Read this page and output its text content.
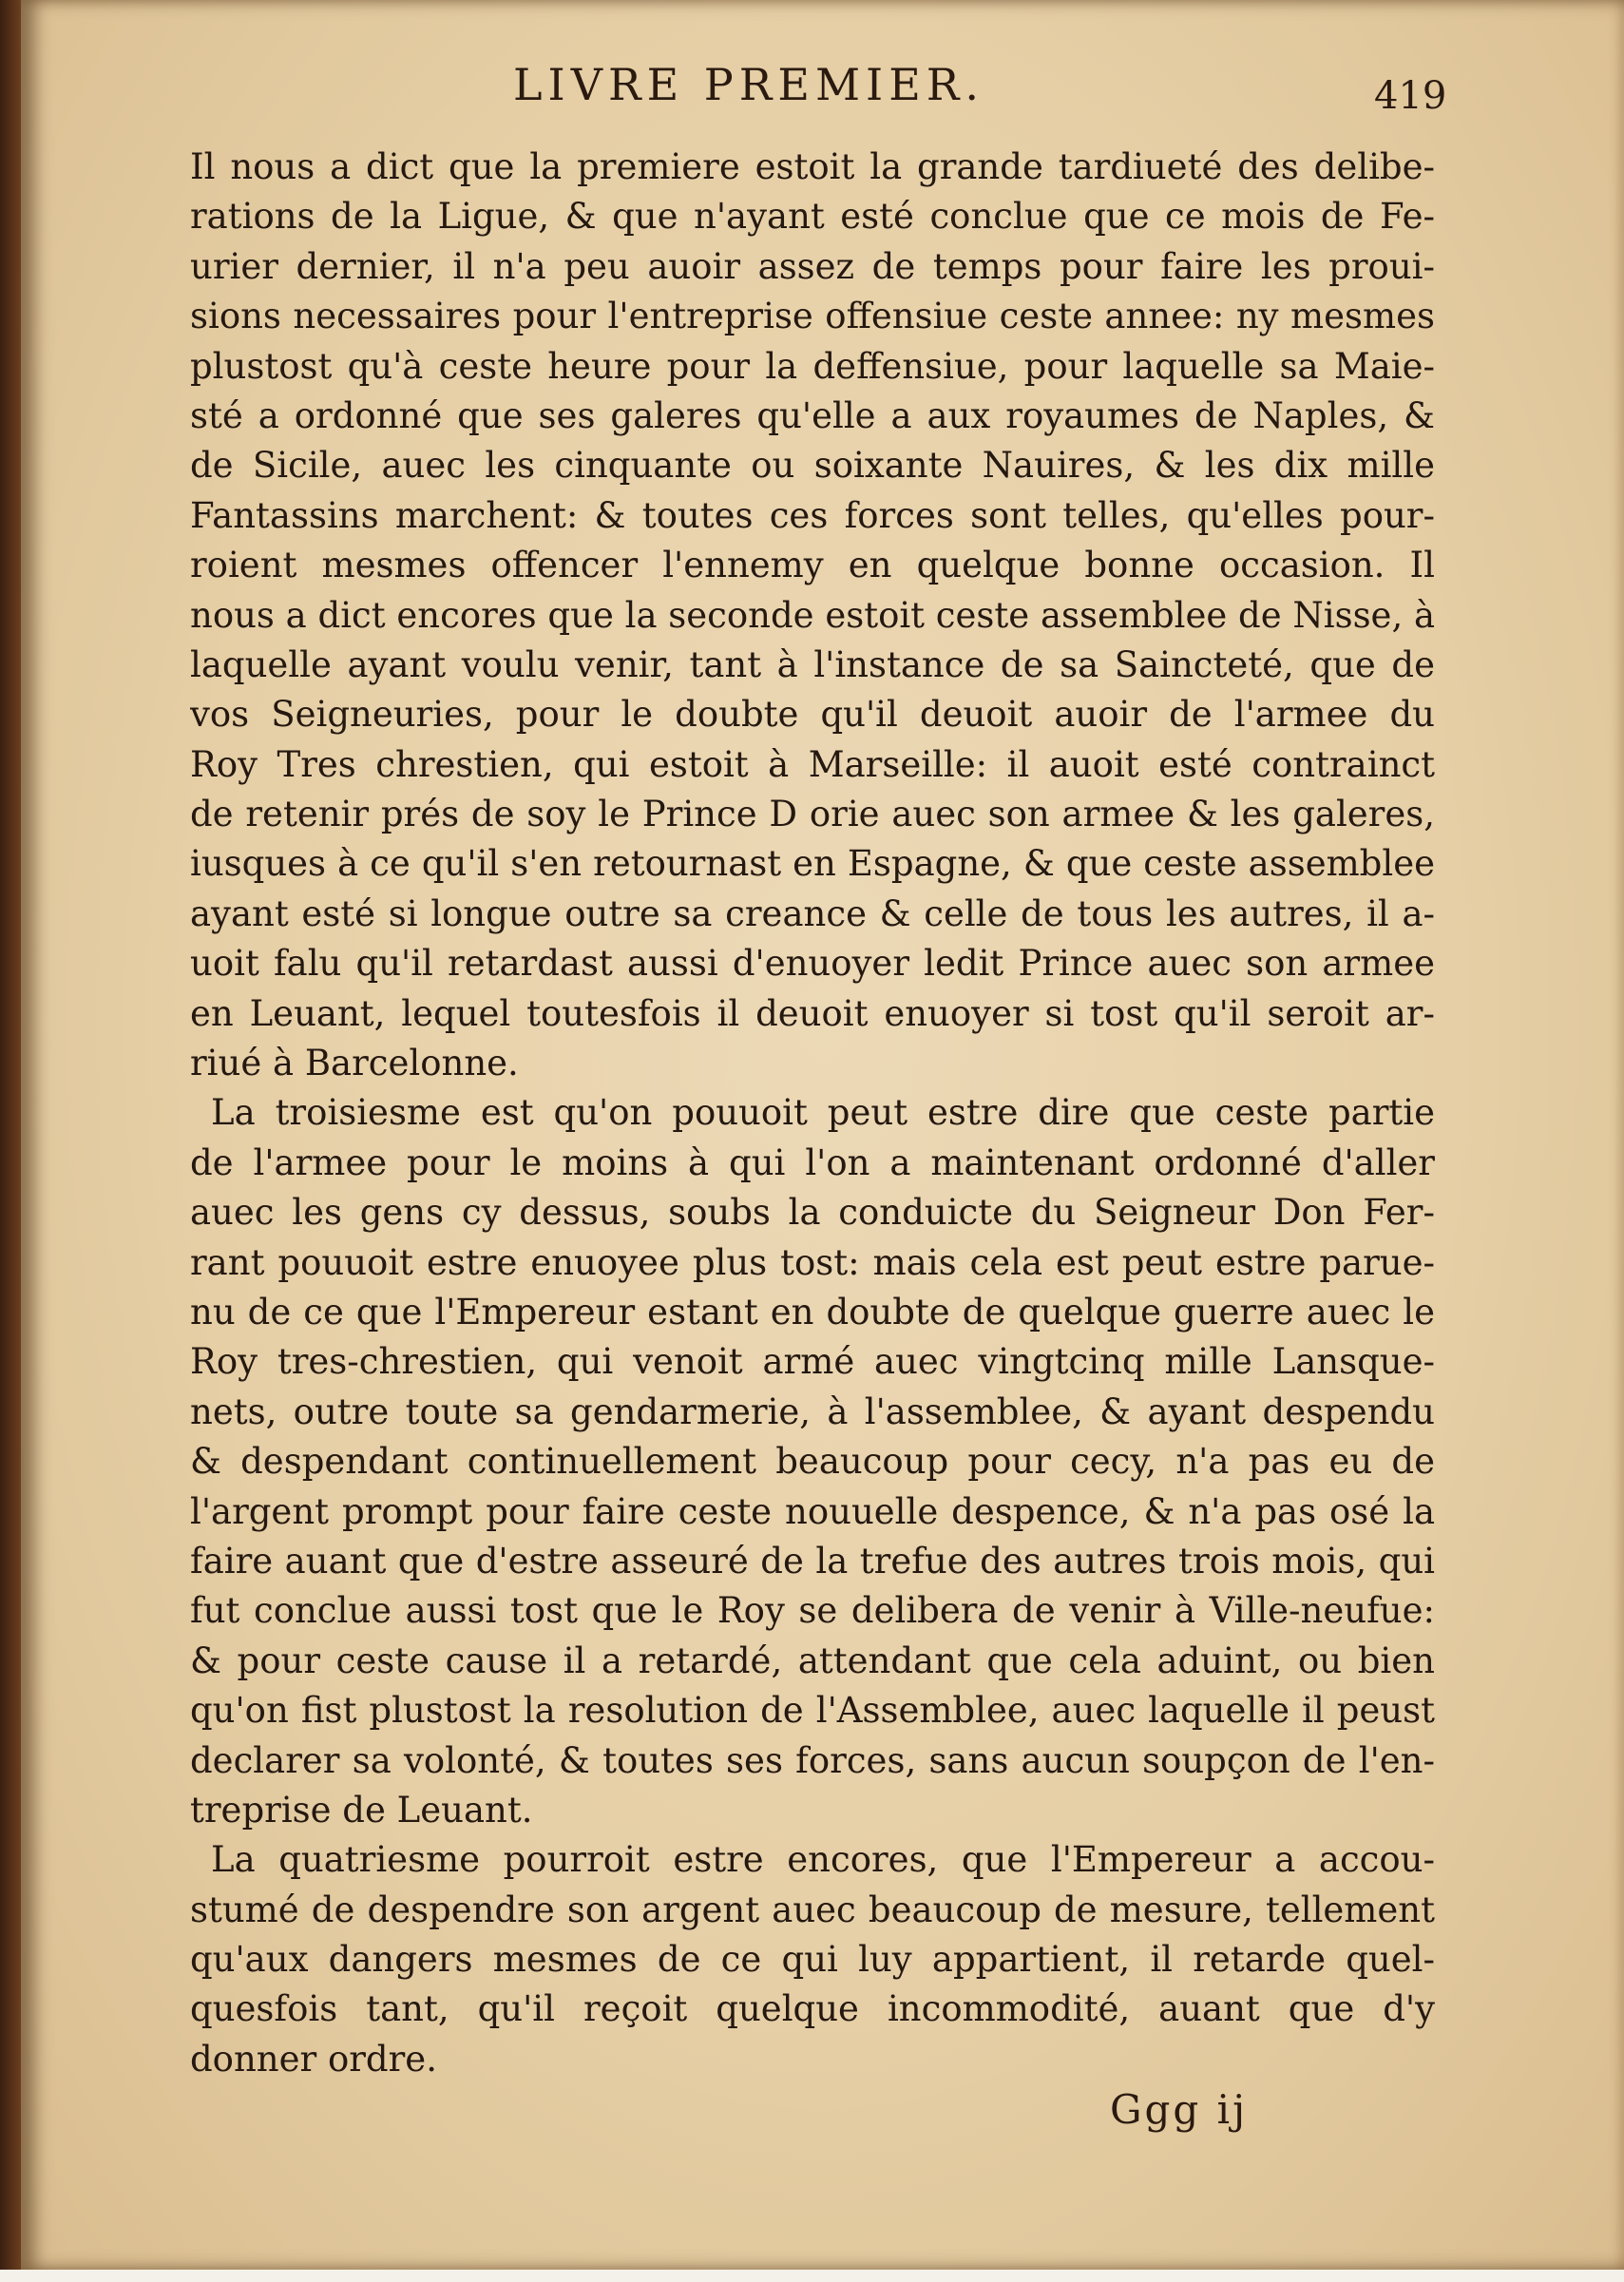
LIVRE PREMIER.	419
Il nous a dict que la premiere estoit la grande tardiueté des delibe-
rations de la Ligue, & que n'ayant esté conclue que ce mois de Fe-
urier dernier, il n'a peu auoir assez de temps pour faire les proui-
sions necessaires pour l'entreprise offensiue ceste annee: ny mesmes
plustost qu'à ceste heure pour la deffensiue, pour laquelle sa Maie-
sté a ordonné que ses galeres qu'elle a aux royaumes de Naples, &
de Sicile, auec les cinquante ou soixante Nauires, & les dix mille
Fantassins marchent: & toutes ces forces sont telles, qu'elles pour-
roient mesmes offencer l'ennemy en quelque bonne occasion. Il
nous a dict encores que la seconde estoit ceste assemblee de Nisse, à
laquelle ayant voulu venir, tant à l'instance de sa Saincteté, que de
vos Seigneuries, pour le doubte qu'il deuoit auoir de l'armee du
Roy Tres chrestien, qui estoit à Marseille: il auoit esté contrainct
de retenir prés de soy le Prince D orie auec son armee & les galeres,
iusques à ce qu'il s'en retournast en Espagne, & que ceste assemblee
ayant esté si longue outre sa creance & celle de tous les autres, il a-
uoit falu qu'il retardast aussi d'enuoyer ledit Prince auec son armee
en Leuant, lequel toutesfois il deuoit enuoyer si tost qu'il seroit ar-
riué à Barcelonne.
La troisiesme est qu'on pouuoit peut estre dire que ceste partie
de l'armee pour le moins à qui l'on a maintenant ordonné d'aller
auec les gens cy dessus, soubs la conduicte du Seigneur Don Fer-
rant pouuoit estre enuoyee plus tost: mais cela est peut estre paruе-
nu de ce que l'Empereur estant en doubte de quelque guerre auec le
Roy tres-chrestien, qui venoit armé auec vingtcinq mille Lansque-
nets, outre toute sa gendarmerie, à l'assemblee, & ayant despendu
& despendant continuellement beaucoup pour cecy, n'a pas eu de
l'argent prompt pour faire ceste nouuelle despence, & n'a pas osé la
faire auant que d'estre asseuré de la trefue des autres trois mois, qui
fut conclue aussi tost que le Roy se delibera de venir à Ville-neufue:
& pour ceste cause il a retardé, attendant que cela aduint, ou bien
qu'on fist plustost la resolution de l'Assemblee, auec laquelle il peust
declarer sa volonté, & toutes ses forces, sans aucun soupçon de l'en-
treprise de Leuant.
La quatriesme pourroit estre encores, que l'Empereur a accou-
stumé de despendre son argent auec beaucoup de mesure, tellement
qu'aux dangers mesmes de ce qui luy appartient, il retarde quel-
quesfois tant, qu'il reçoit quelque incommodité, auant que d'y
donner ordre.
Ggg ij
